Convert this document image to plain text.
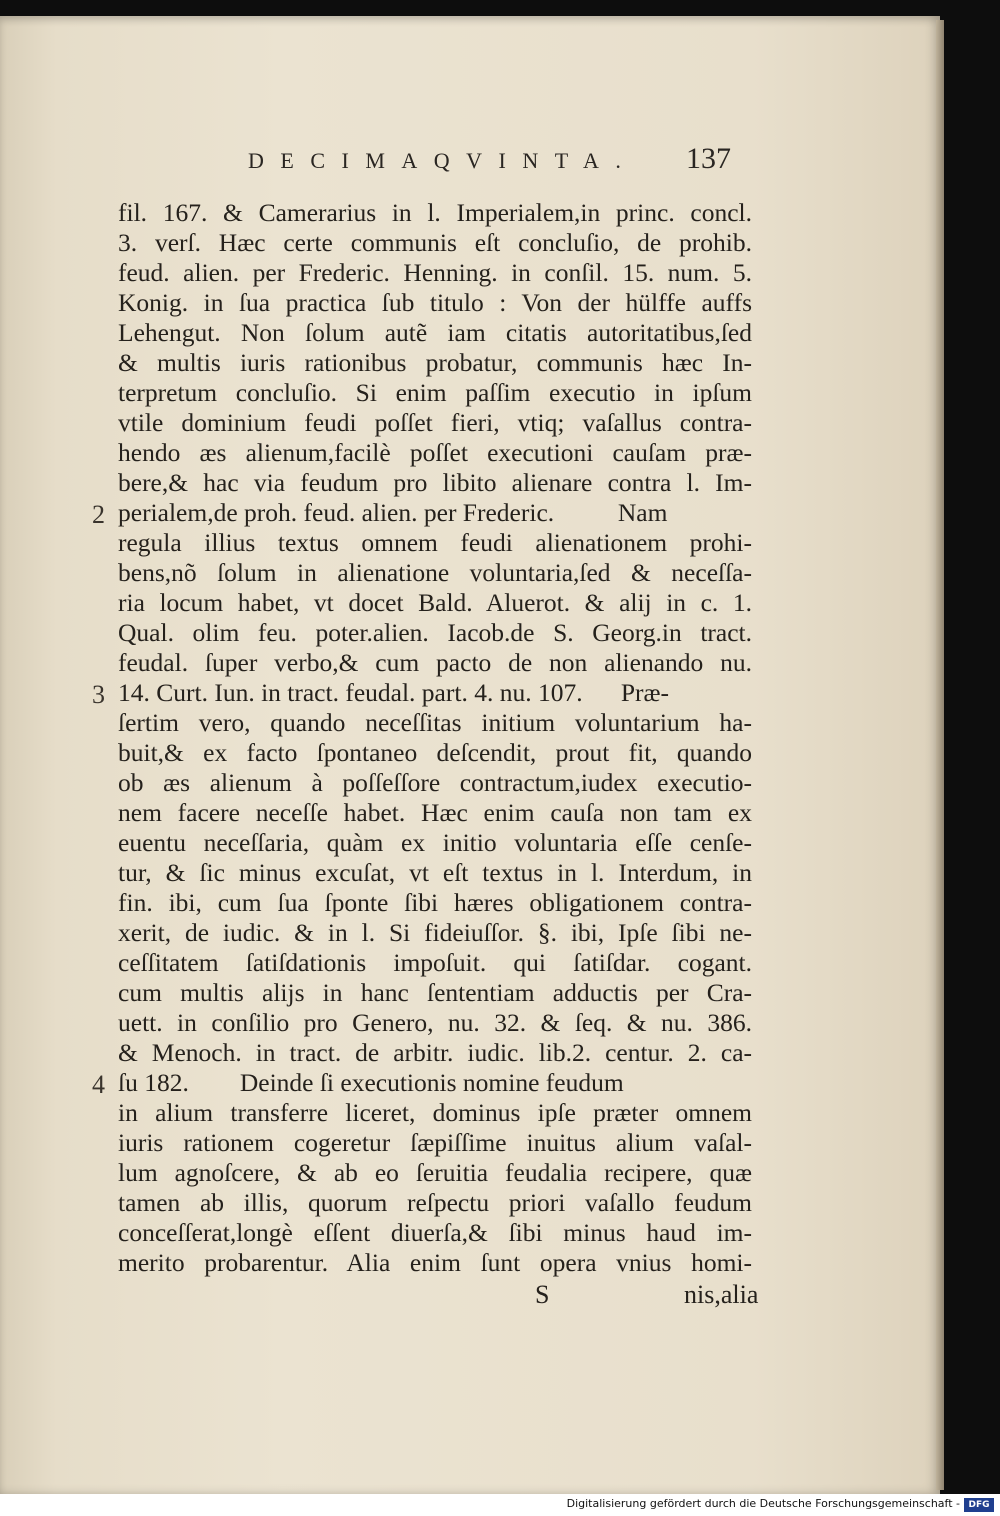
DECIMAQVINTA. 137
fil. 167. & Camerarius in l. Imperialem,in princ. concl.
3. verſ. Hæc certe communis eſt concluſio, de prohib.
feud. alien. per Frederic. Henning. in conſil. 15. num. 5.
Konig. in ſua practica ſub titulo : Von der hülffe auffs
Lehengut. Non ſolum autẽ iam citatis autoritatibus,ſed
& multis iuris rationibus probatur, communis hæc In-
terpretum concluſio. Si enim paſſim executio in ipſum
vtile dominium feudi poſſet fieri, vtiq; vaſallus contra-
hendo æs alienum,facilè poſſet executioni cauſam præ-
bere,& hac via feudum pro libito alienare contra l. Im-
perialem,de proh. feud. alien. per Frederic.          Nam
regula illius textus omnem feudi alienationem prohi-
bens,nõ ſolum in alienatione voluntaria,ſed & neceſſa-
ria locum habet, vt docet Bald. Aluerot. & alij in c. 1.
Qual. olim feu. poter.alien. Iacob.de S. Georg.in tract.
feudal. ſuper verbo,& cum pacto de non alienando nu.
14. Curt. Iun. in tract. feudal. part. 4. nu. 107.      Præ-
ſertim vero, quando neceſſitas initium voluntarium ha-
buit,& ex facto ſpontaneo deſcendit, prout fit, quando
ob æs alienum à poſſeſſore contractum,iudex executio-
nem facere neceſſe habet. Hæc enim cauſa non tam ex
euentu neceſſaria, quàm ex initio voluntaria eſſe cenſe-
tur, & ſic minus excuſat, vt eſt textus in l. Interdum, in
fin. ibi, cum ſua ſponte ſibi hæres obligationem contra-
xerit, de iudic. & in l. Si fideiuſſor. §. ibi, Ipſe ſibi ne-
ceſſitatem ſatiſdationis impoſuit. qui ſatiſdar. cogant.
cum multis alijs in hanc ſententiam adductis per Cra-
uett. in conſilio pro Genero, nu. 32. & ſeq. & nu. 386.
& Menoch. in tract. de arbitr. iudic. lib.2. centur. 2. ca-
ſu 182.        Deinde ſi executionis nomine feudum
in alium transferre liceret, dominus ipſe præter omnem
iuris rationem cogeretur ſæpiſſime inuitus alium vaſal-
lum agnoſcere, & ab eo ſeruitia feudalia recipere, quæ
tamen ab illis, quorum reſpectu priori vaſallo feudum
conceſſerat,longè eſſent diuerſa,& ſibi minus haud im-
merito probarentur. Alia enim ſunt opera vnius homi-
2
3
4
S	nis,alia
Digitalisierung gefördert durch die Deutsche Forschungsgemeinschaft - DFG
